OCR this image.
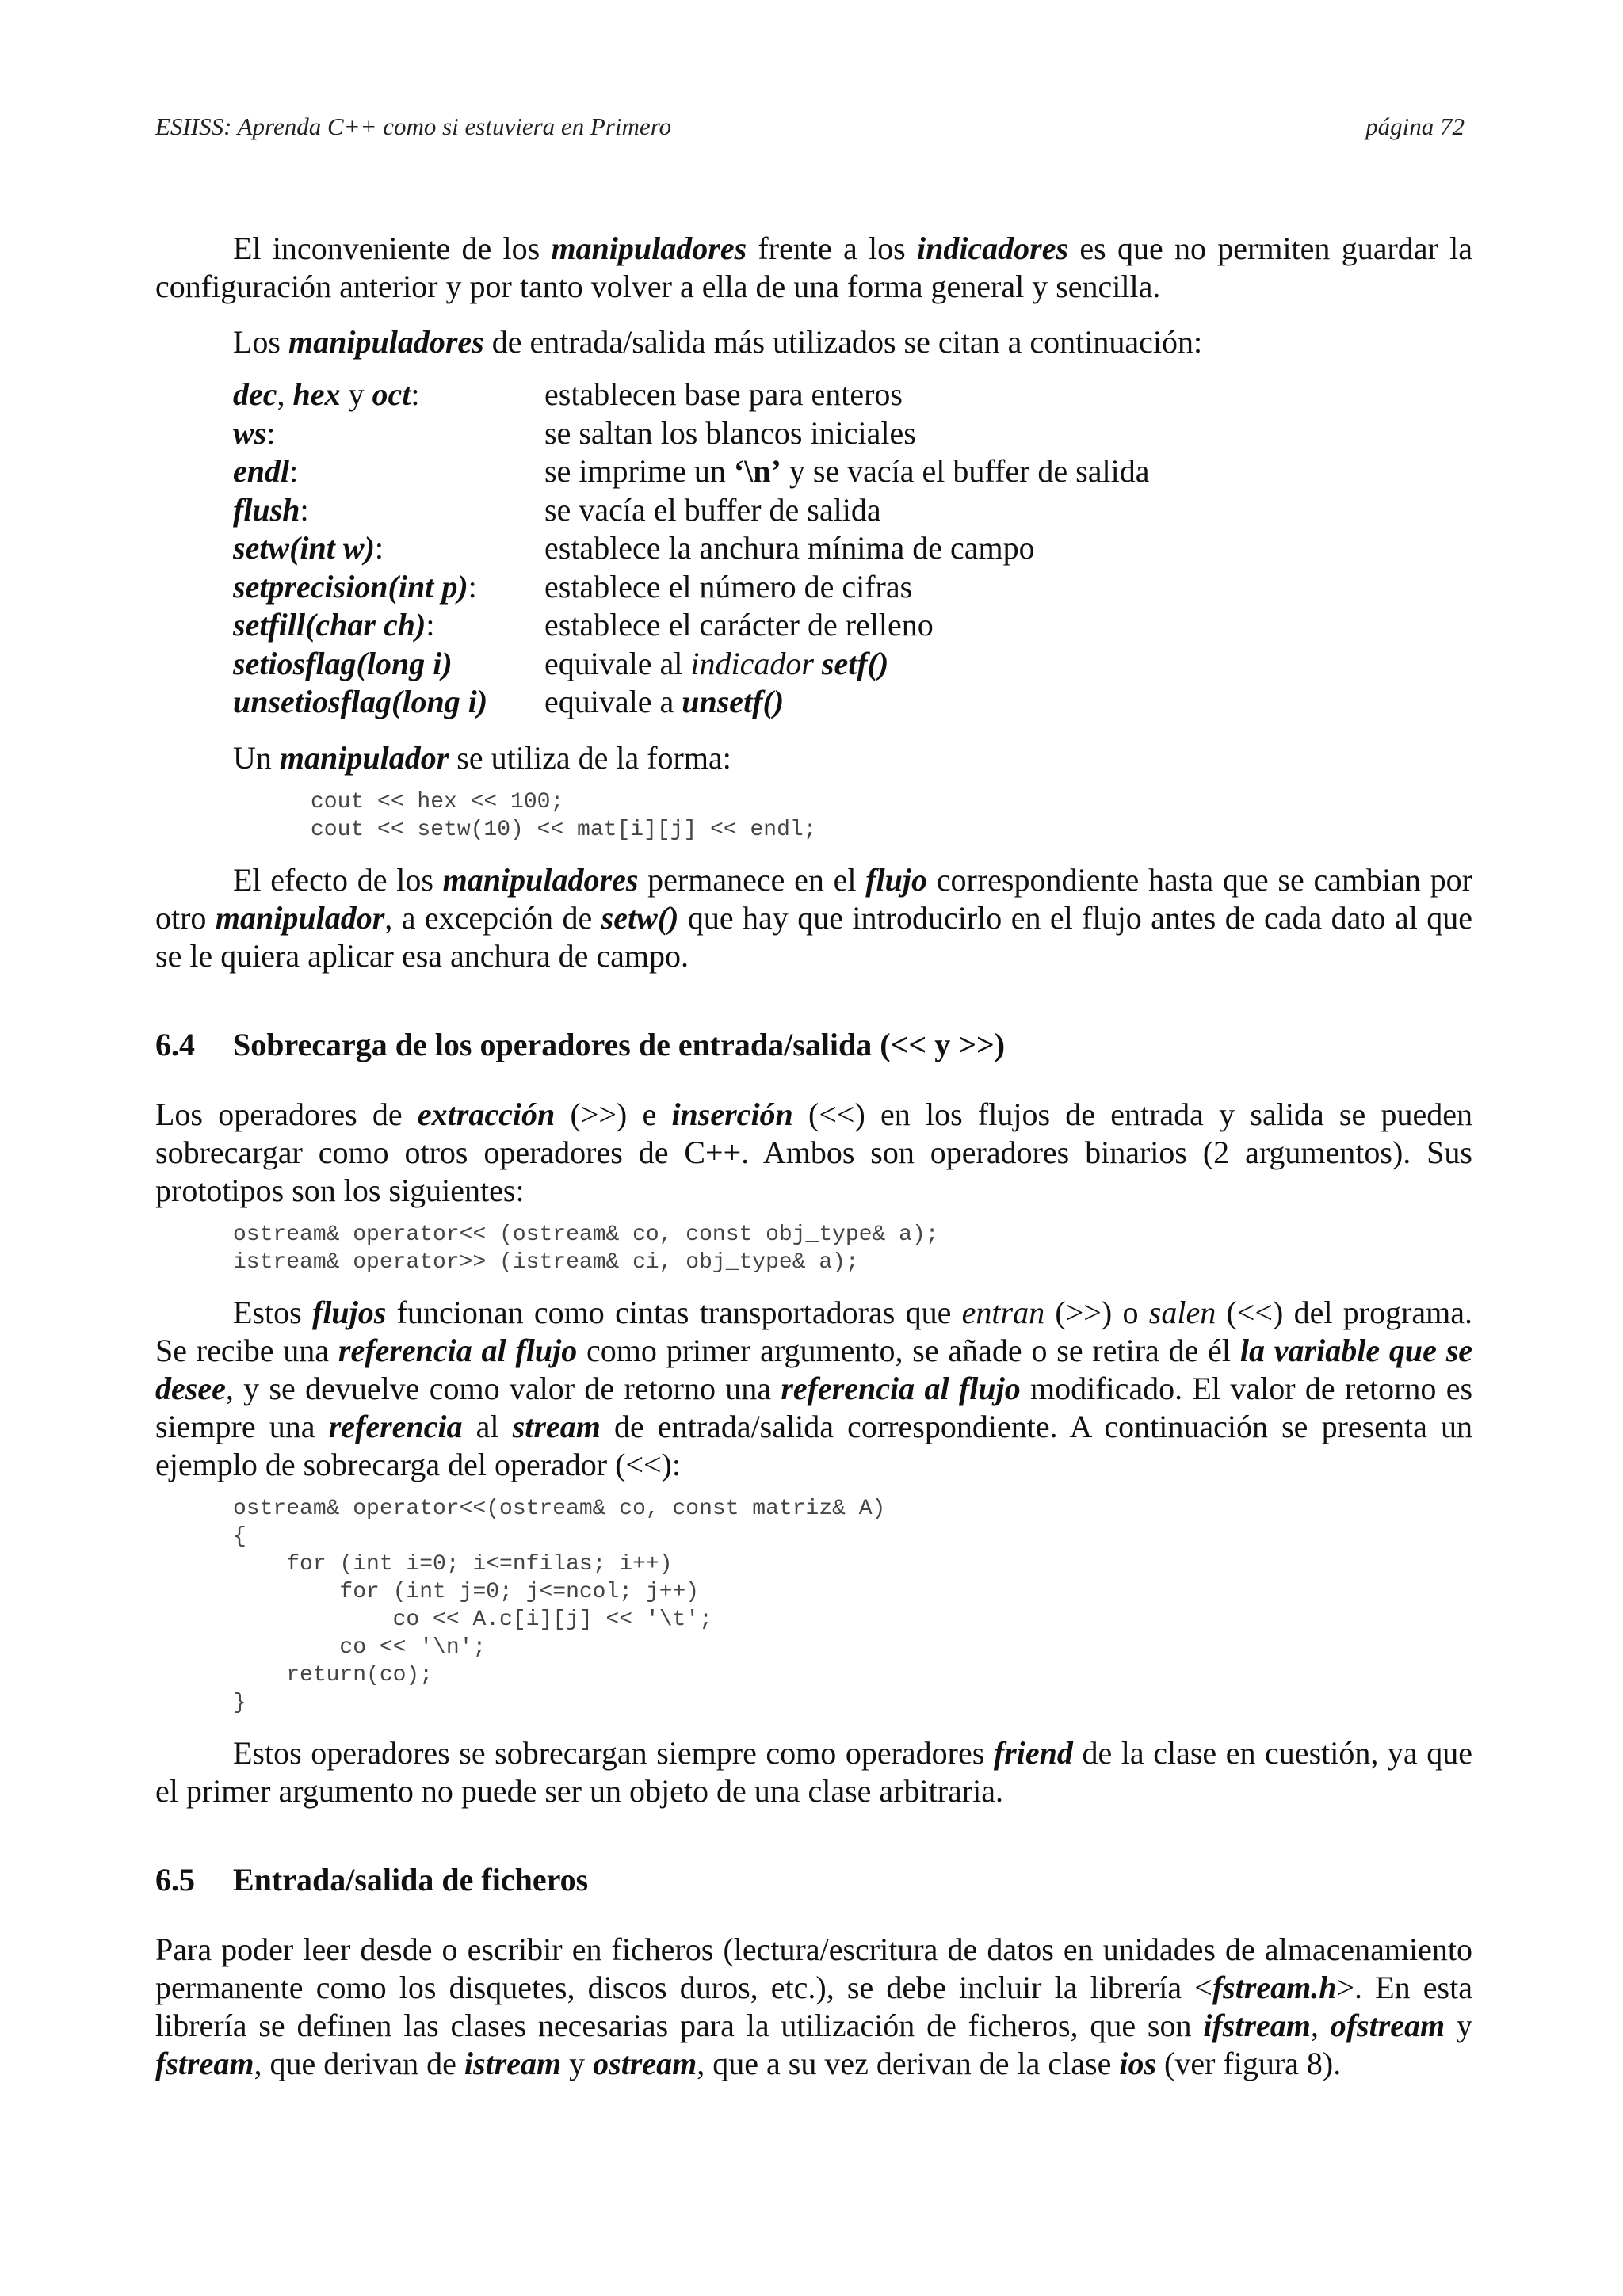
ESIISS: Aprenda C++ como si estuviera en Primero	página 72

El inconveniente de los manipuladores frente a los indicadores es que no permiten guardar la configuración anterior y por tanto volver a ella de una forma general y sencilla.

Los manipuladores de entrada/salida más utilizados se citan a continuación:

dec, hex y oct:	establecen base para enteros
ws:	se saltan los blancos iniciales
endl:	se imprime un ‘\n’ y se vacía el buffer de salida
flush:	se vacía el buffer de salida
setw(int w):	establece la anchura mínima de campo
setprecision(int p):	establece el número de cifras
setfill(char ch):	establece el carácter de relleno
setiosflag(long i)	equivale al indicador setf()
unsetiosflag(long i)	equivale a unsetf()

Un manipulador se utiliza de la forma:

cout << hex << 100;
cout << setw(10) << mat[i][j] << endl;

El efecto de los manipuladores permanece en el flujo correspondiente hasta que se cambian por otro manipulador, a excepción de setw() que hay que introducirlo en el flujo antes de cada dato al que se le quiera aplicar esa anchura de campo.

6.4	Sobrecarga de los operadores de entrada/salida (<< y >>)

Los operadores de extracción (>>) e inserción (<<) en los flujos de entrada y salida se pueden sobrecargar como otros operadores de C++. Ambos son operadores binarios (2 argumentos). Sus prototipos son los siguientes:

ostream& operator<< (ostream& co, const obj_type& a);
istream& operator>> (istream& ci, obj_type& a);

Estos flujos funcionan como cintas transportadoras que entran (>>) o salen (<<) del programa. Se recibe una referencia al flujo como primer argumento, se añade o se retira de él la variable que se desee, y se devuelve como valor de retorno una referencia al flujo modificado. El valor de retorno es siempre una referencia al stream de entrada/salida correspondiente. A continuación se presenta un ejemplo de sobrecarga del operador (<<):

ostream& operator<<(ostream& co, const matriz& A)
{
for (int i=0; i<=nfilas; i++)
for (int j=0; j<=ncol; j++)
co << A.c[i][j] << '\t';
co << '\n';
return(co);
}

Estos operadores se sobrecargan siempre como operadores friend de la clase en cuestión, ya que el primer argumento no puede ser un objeto de una clase arbitraria.

6.5	Entrada/salida de ficheros

Para poder leer desde o escribir en ficheros (lectura/escritura de datos en unidades de almacenamiento permanente como los disquetes, discos duros, etc.), se debe incluir la librería <fstream.h>. En esta librería se definen las clases necesarias para la utilización de ficheros, que son ifstream, ofstream y fstream, que derivan de istream y ostream, que a su vez derivan de la clase ios (ver figura 8).
